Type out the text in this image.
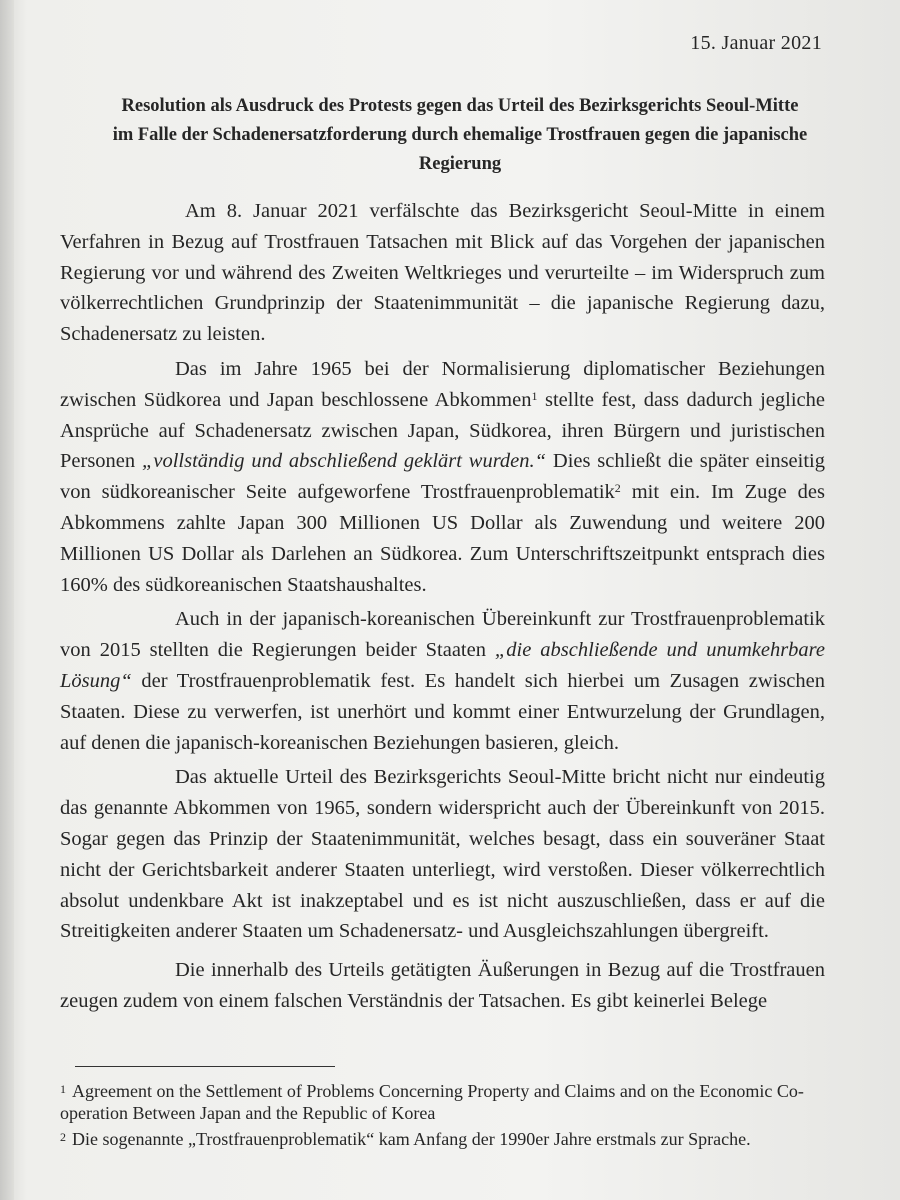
15. Januar 2021
Resolution als Ausdruck des Protests gegen das Urteil des Bezirksgerichts Seoul-Mitte im Falle der Schadenersatzforderung durch ehemalige Trostfrauen gegen die japanische Regierung

Am 8. Januar 2021 verfälschte das Bezirksgericht Seoul-Mitte in einem Verfahren in Bezug auf Trostfrauen Tatsachen mit Blick auf das Vorgehen der japanischen Regierung vor und während des Zweiten Weltkrieges und verurteilte – im Widerspruch zum völkerrechtlichen Grundprinzip der Staatenimmunität – die japanische Regierung dazu, Schadenersatz zu leisten.

Das im Jahre 1965 bei der Normalisierung diplomatischer Beziehungen zwischen Südkorea und Japan beschlossene Abkommen$^1$ stellte fest, dass dadurch jegliche Ansprüche auf Schadenersatz zwischen Japan, Südkorea, ihren Bürgern und juristischen Personen „vollständig und abschließend geklärt wurden.“ Dies schließt die später einseitig von südkoreanischer Seite aufgeworfene Trostfrauenproblematik$^2$ mit ein. Im Zuge des Abkommens zahlte Japan 300 Millionen US Dollar als Zuwendung und weitere 200 Millionen US Dollar als Darlehen an Südkorea. Zum Unterschriftszeitpunkt entsprach dies 160% des südkoreanischen Staatshaushaltes.

Auch in der japanisch-koreanischen Übereinkunft zur Trostfrauenproblematik von 2015 stellten die Regierungen beider Staaten „die abschließende und unumkehrbare Lösung“ der Trostfrauenproblematik fest. Es handelt sich hierbei um Zusagen zwischen Staaten. Diese zu verwerfen, ist unerhört und kommt einer Entwurzelung der Grundlagen, auf denen die japanisch-koreanischen Beziehungen basieren, gleich.

Das aktuelle Urteil des Bezirksgerichts Seoul-Mitte bricht nicht nur eindeutig das genannte Abkommen von 1965, sondern widerspricht auch der Übereinkunft von 2015. Sogar gegen das Prinzip der Staatenimmunität, welches besagt, dass ein souveräner Staat nicht der Gerichtsbarkeit anderer Staaten unterliegt, wird verstoßen. Dieser völkerrechtlich absolut undenkbare Akt ist inakzeptabel und es ist nicht auszuschließen, dass er auf die Streitigkeiten anderer Staaten um Schadenersatz- und Ausgleichszahlungen übergreift.

Die innerhalb des Urteils getätigten Äußerungen in Bezug auf die Trostfrauen zeugen zudem von einem falschen Verständnis der Tatsachen. Es gibt keinerlei Belege

$^1$ Agreement on the Settlement of Problems Concerning Property and Claims and on the Economic Co-operation Between Japan and the Republic of Korea
$^2$ Die sogenannte „Trostfrauenproblematik“ kam Anfang der 1990er Jahre erstmals zur Sprache.
